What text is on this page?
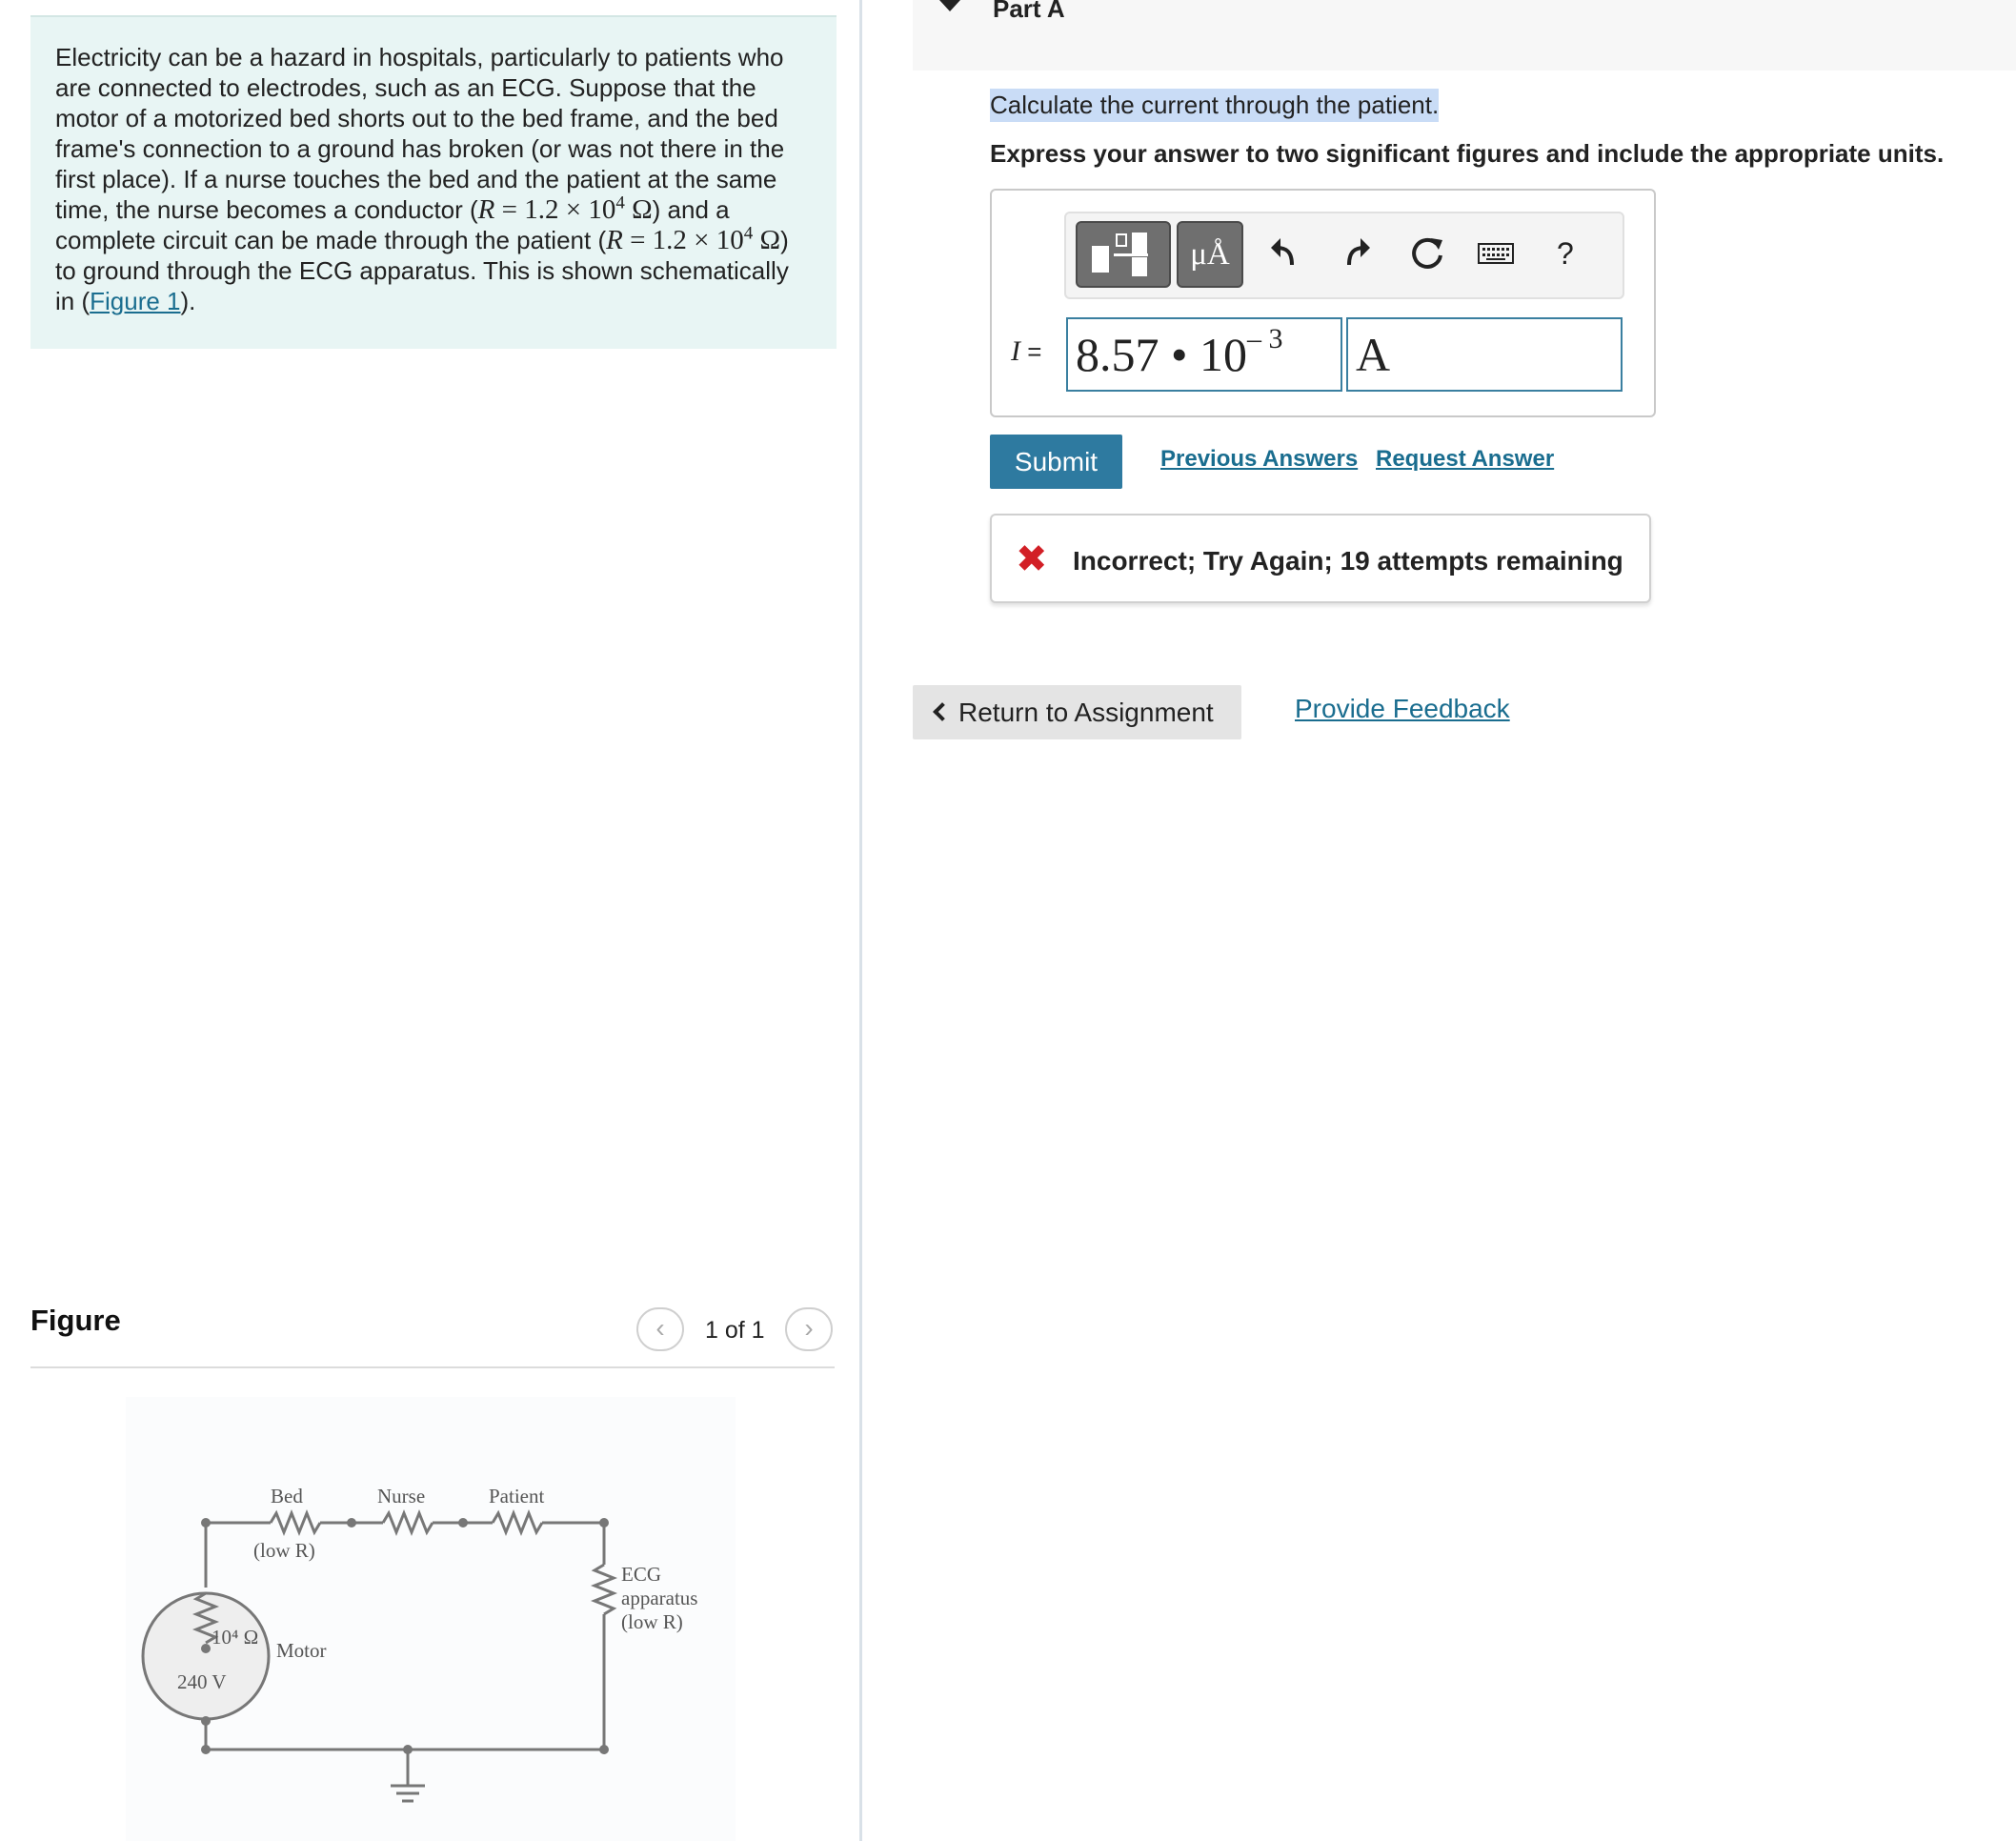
Electricity can be a hazard in hospitals, particularly to patients who are connected to electrodes, such as an ECG. Suppose that the motor of a motorized bed shorts out to the bed frame, and the bed frame's connection to a ground has broken (or was not there in the first place). If a nurse touches the bed and the patient at the same time, the nurse becomes a conductor ($R = 1.2 \times 10^4$ Ω) and a complete circuit can be made through the patient ($R = 1.2 \times 10^4$ Ω) to ground through the ECG apparatus. This is shown schematically in (Figure 1).
Figure	‹	1 of 1	›
Bed	Nurse	Patient
(low R)
ECG
apparatus
(low R)
10⁴ Ω
Motor
240 V
Part A
Calculate the current through the patient.
Express your answer to two significant figures and include the appropriate units.
μÅ	?
I = 8.57 • $10^{- 3}$	A
Submit	Previous Answers Request Answer
✖ Incorrect; Try Again; 19 attempts remaining
Return to Assignment	Provide Feedback
